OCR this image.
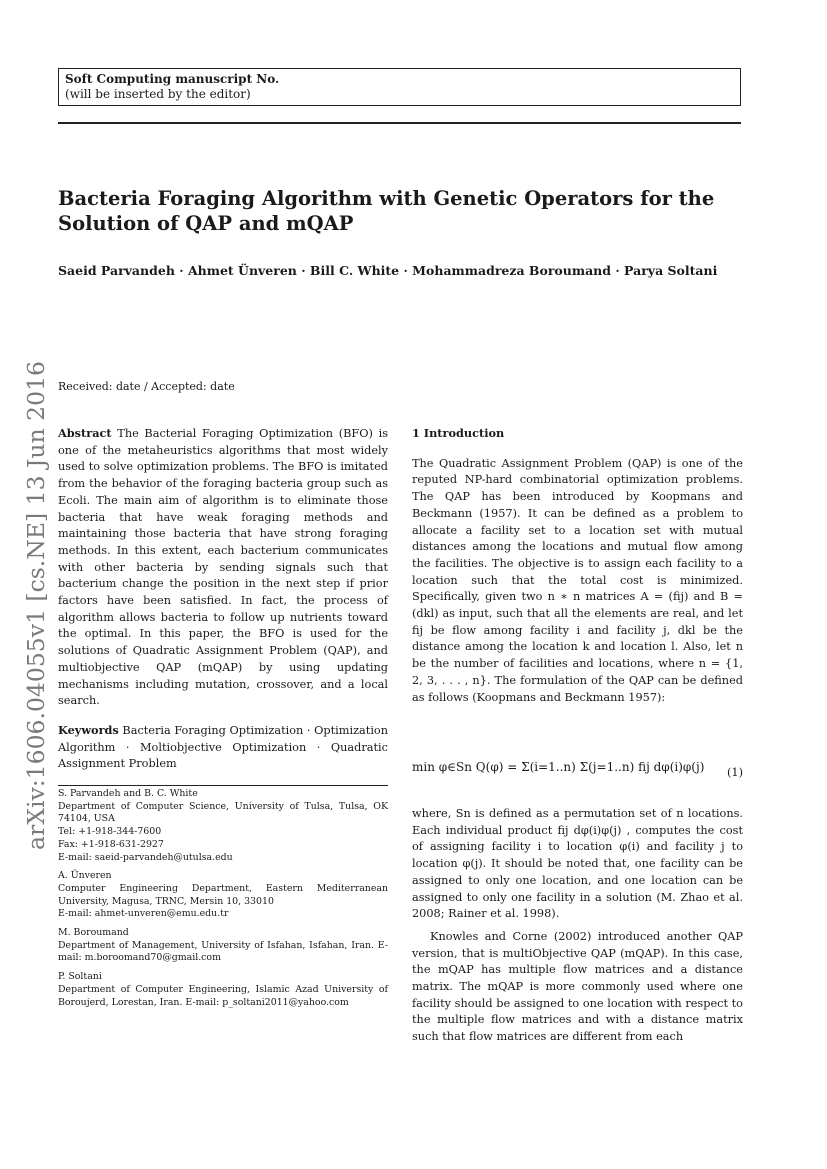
Soft Computing manuscript No.
(will be inserted by the editor)
Bacteria Foraging Algorithm with Genetic Operators for the Solution of QAP and mQAP
Saeid Parvandeh · Ahmet Ünveren · Bill C. White · Mohammadreza Boroumand · Parya Soltani
arXiv:1606.04055v1 [cs.NE] 13 Jun 2016 Received: date / Accepted: date

Abstract The Bacterial Foraging Optimization (BFO) is one of the metaheuristics algorithms that most widely used to solve optimization problems. The BFO is imitated from the behavior of the foraging bacteria group such as Ecoli. The main aim of algorithm is to eliminate those bacteria that have weak foraging methods and maintaining those bacteria that have strong foraging methods. In this extent, each bacterium communicates with other bacteria by sending signals such that bacterium change the position in the next step if prior factors have been satisfied. In fact, the process of algorithm allows bacteria to follow up nutrients toward the optimal. In this paper, the BFO is used for the solutions of Quadratic Assignment Problem (QAP), and multiobjective QAP (mQAP) by using updating mechanisms including mutation, crossover, and a local search.

Keywords Bacteria Foraging Optimization · Optimization Algorithm · Moltiobjective Optimization · Quadratic Assignment Problem

S. Parvandeh and B. C. White
Department of Computer Science, University of Tulsa, Tulsa, OK 74104, USA
Tel: +1-918-344-7600
Fax: +1-918-631-2927
E-mail: saeid-parvandeh@utulsa.edu
A. Ünveren
Computer Engineering Department, Eastern Mediterranean University, Magusa, TRNC, Mersin 10, 33010
E-mail: ahmet-unveren@emu.edu.tr
M. Boroumand
Department of Management, University of Isfahan, Isfahan, Iran. E-mail: m.boroomand70@gmail.com
P. Soltani
Department of Computer Engineering, Islamic Azad University of Boroujerd, Lorestan, Iran. E-mail: p_soltani2011@yahoo.com
1 Introduction

The Quadratic Assignment Problem (QAP) is one of the reputed NP-hard combinatorial optimization problems. The QAP has been introduced by Koopmans and Beckmann (1957). It can be defined as a problem to allocate a facility set to a location set with mutual distances among the locations and mutual flow among the facilities. The objective is to assign each facility to a location such that the total cost is minimized. Specifically, given two n ∗ n matrices A = (fij) and B = (dkl) as input, such that all the elements are real, and let fij be flow among facility i and facility j, dkl be the distance among the location k and location l. Also, let n be the number of facilities and locations, where n = {1, 2, 3, . . . , n}. The formulation of the QAP can be defined as follows (Koopmans and Beckmann 1957):

min φ∈Sn Q(φ) = Σ(i=1..n) Σ(j=1..n) fij dφ(i)φ(j) (1)

where, Sn is defined as a permutation set of n locations. Each individual product fij dφ(i)φ(j) , computes the cost of assigning facility i to location φ(i) and facility j to location φ(j). It should be noted that, one facility can be assigned to only one location, and one location can be assigned to only one facility in a solution (M. Zhao et al. 2008; Rainer et al. 1998).

Knowles and Corne (2002) introduced another QAP version, that is multiObjective QAP (mQAP). In this case, the mQAP has multiple flow matrices and a distance matrix. The mQAP is more commonly used where one facility should be assigned to one location with respect to the multiple flow matrices and with a distance matrix such that flow matrices are different from each
